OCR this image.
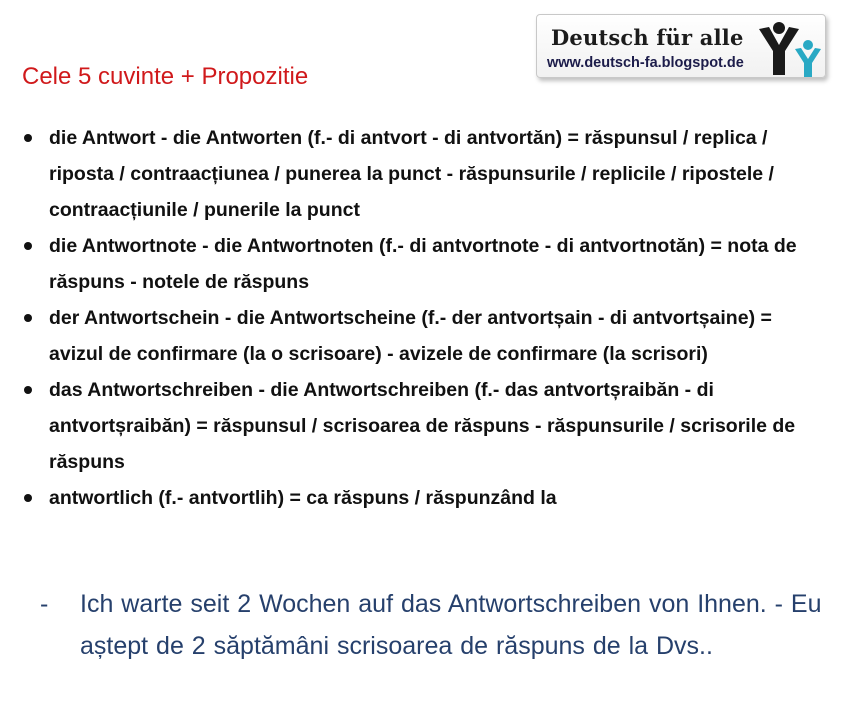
Deutsch für alle
www.deutsch-fa.blogspot.de
Cele 5 cuvinte + Propozitie
die Antwort - die Antworten (f.- di antvort - di antvortăn) = răspunsul / replica / riposta / contraacțiunea / punerea la punct - răspunsurile / replicile / ripostele / contraacțiunile / punerile la punct
die Antwortnote - die Antwortnoten (f.- di antvortnote - di antvortnotăn) = nota de răspuns - notele de răspuns
der Antwortschein - die Antwortscheine (f.- der antvortșain - di antvortșaine) = avizul de confirmare (la o scrisoare) - avizele de confirmare (la scrisori)
das Antwortschreiben - die Antwortschreiben (f.- das antvortșraibăn - di antvortșraibăn) = răspunsul / scrisoarea de răspuns - răspunsurile / scrisorile de răspuns
antwortlich (f.- antvortlih) = ca răspuns / răspunzând la
- Ich warte seit 2 Wochen auf das Antwortschreiben von Ihnen. - Eu aștept de 2 săptămâni scrisoarea de răspuns de la Dvs..
